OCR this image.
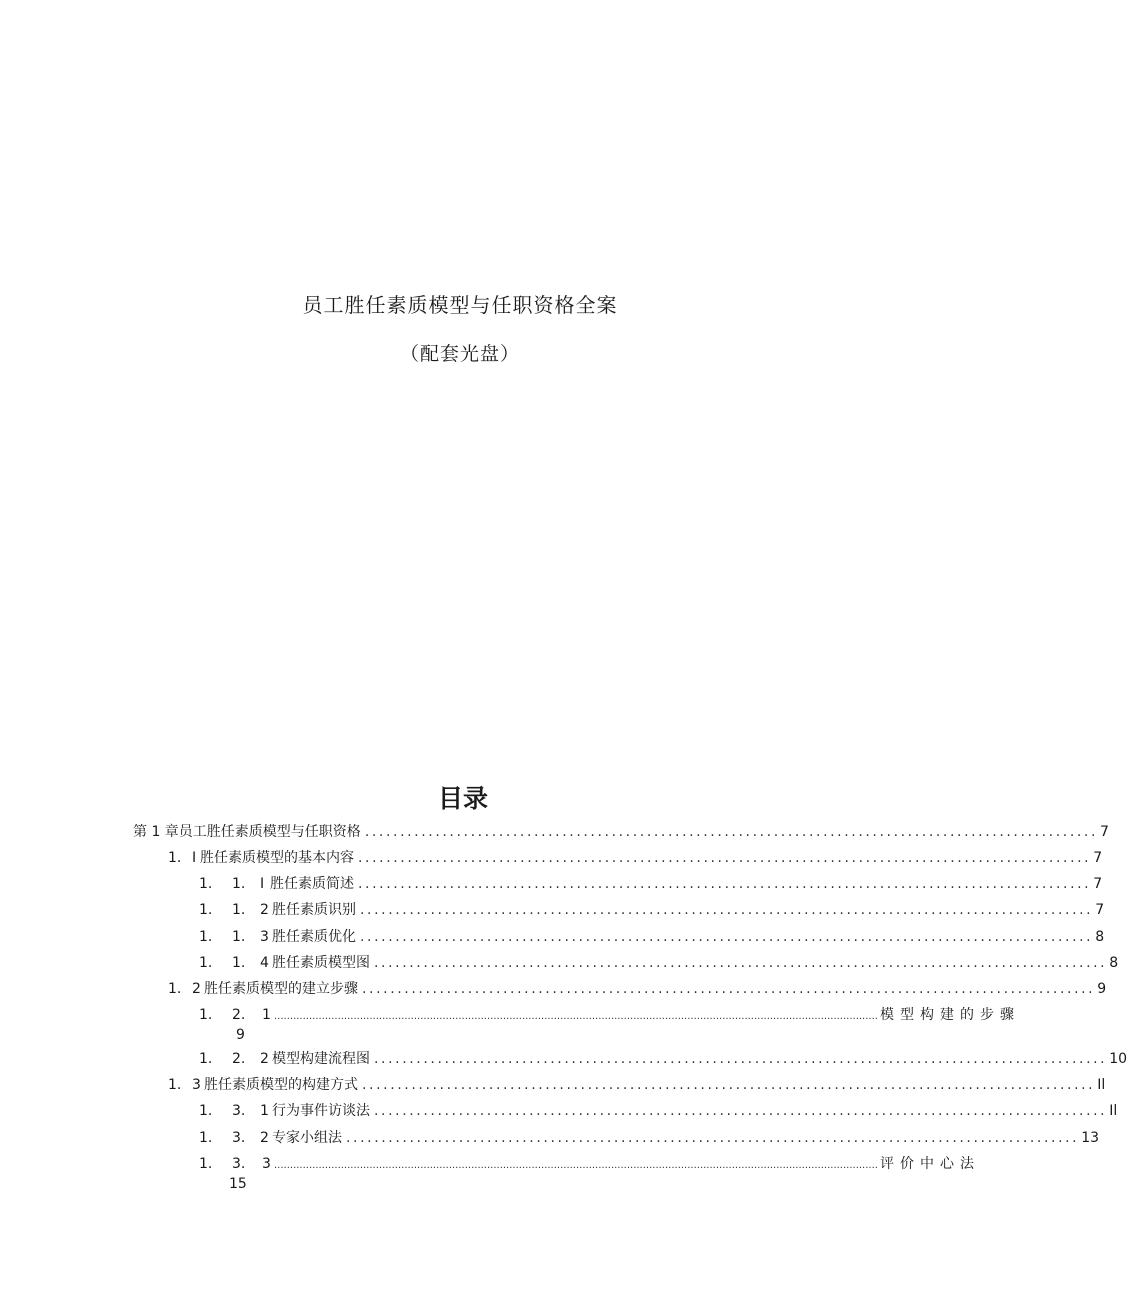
员工胜任素质模型与任职资格全案
（配套光盘）
目录
第 1 章员工胜任素质模型与任职资格 ........................................................................................................ 7
1. I 胜任素质模型的基本内容 ........................................................................................................ 7
1. 1. I 胜任素质简述 ........................................................................................................ 7
1. 1. 2 胜任素质识别 ........................................................................................................ 7
1. 1. 3 胜任素质优化 ........................................................................................................ 8
1. 1. 4 胜任素质模型图 ........................................................................................................ 8
1. 2 胜任素质模型的建立步骤 ........................................................................................................ 9
1. 2. 1 .............................................................................................................................................................................................. 模型构建的步骤
9
1. 2. 2 模型构建流程图 ........................................................................................................ 10
1. 3 胜任素质模型的构建方式 ........................................................................................................ Il
1. 3. 1 行为事件访谈法 ........................................................................................................ Il
1. 3. 2 专家小组法 ........................................................................................................ 13
1. 3. 3 .............................................................................................................................................................................................. 评价中心法
15
